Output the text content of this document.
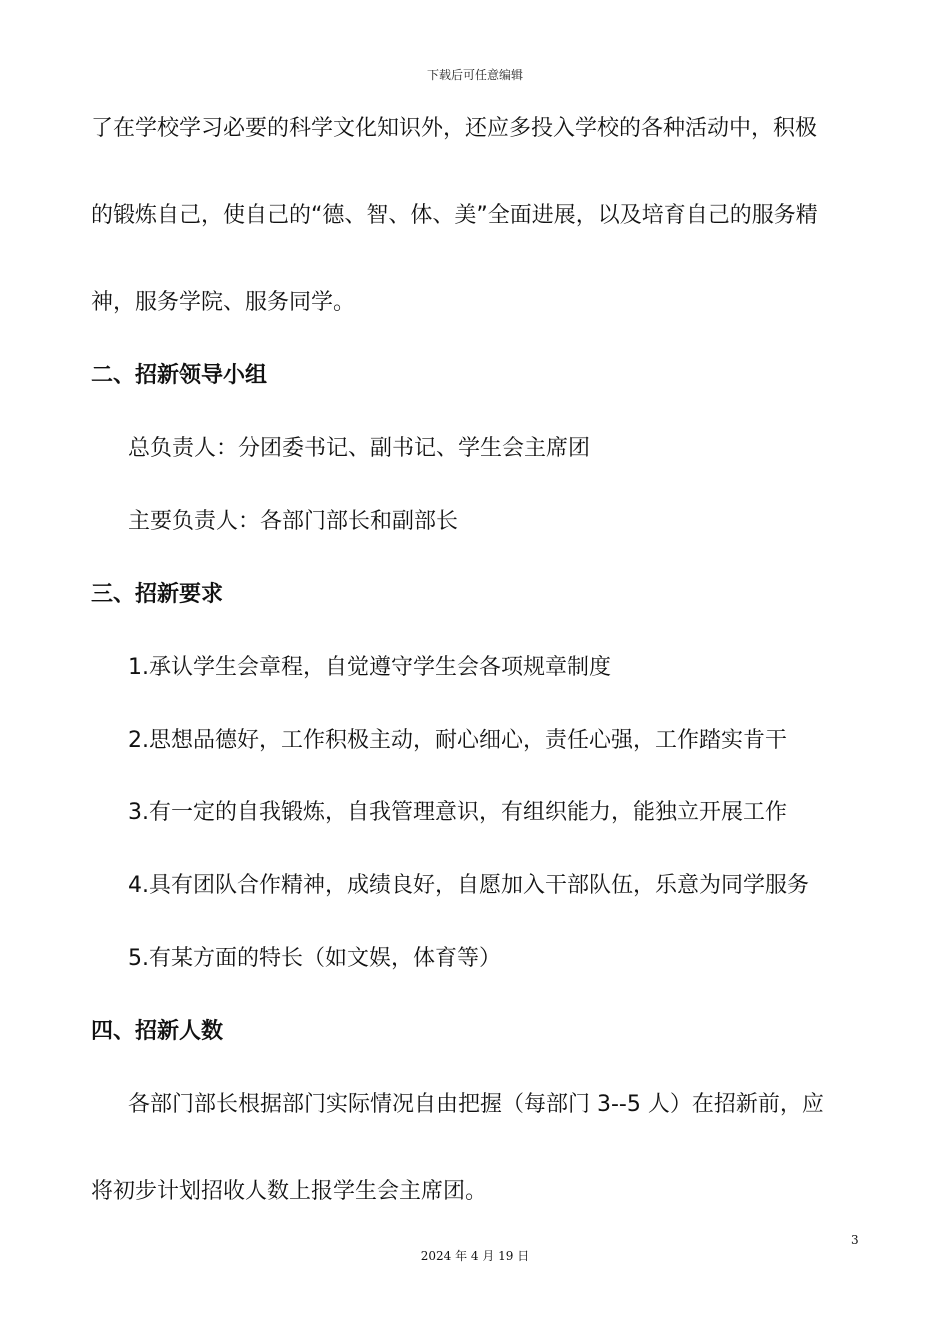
下载后可任意编辑
了在学校学习必要的科学文化知识外，还应多投入学校的各种活动中，积极
的锻炼自己，使自己的“德、智、体、美”全面进展，以及培育自己的服务精
神，服务学院、服务同学。
二、招新领导小组
总负责人：分团委书记、副书记、学生会主席团
主要负责人：各部门部长和副部长
三、招新要求
1.承认学生会章程，自觉遵守学生会各项规章制度
2.思想品德好，工作积极主动，耐心细心，责任心强，工作踏实肯干
3.有一定的自我锻炼，自我管理意识，有组织能力，能独立开展工作
4.具有团队合作精神，成绩良好，自愿加入干部队伍，乐意为同学服务
5.有某方面的特长（如文娱，体育等）
四、招新人数
各部门部长根据部门实际情况自由把握（每部门 3--5 人）在招新前，应
将初步计划招收人数上报学生会主席团。
3
2024 年 4 月 19 日
